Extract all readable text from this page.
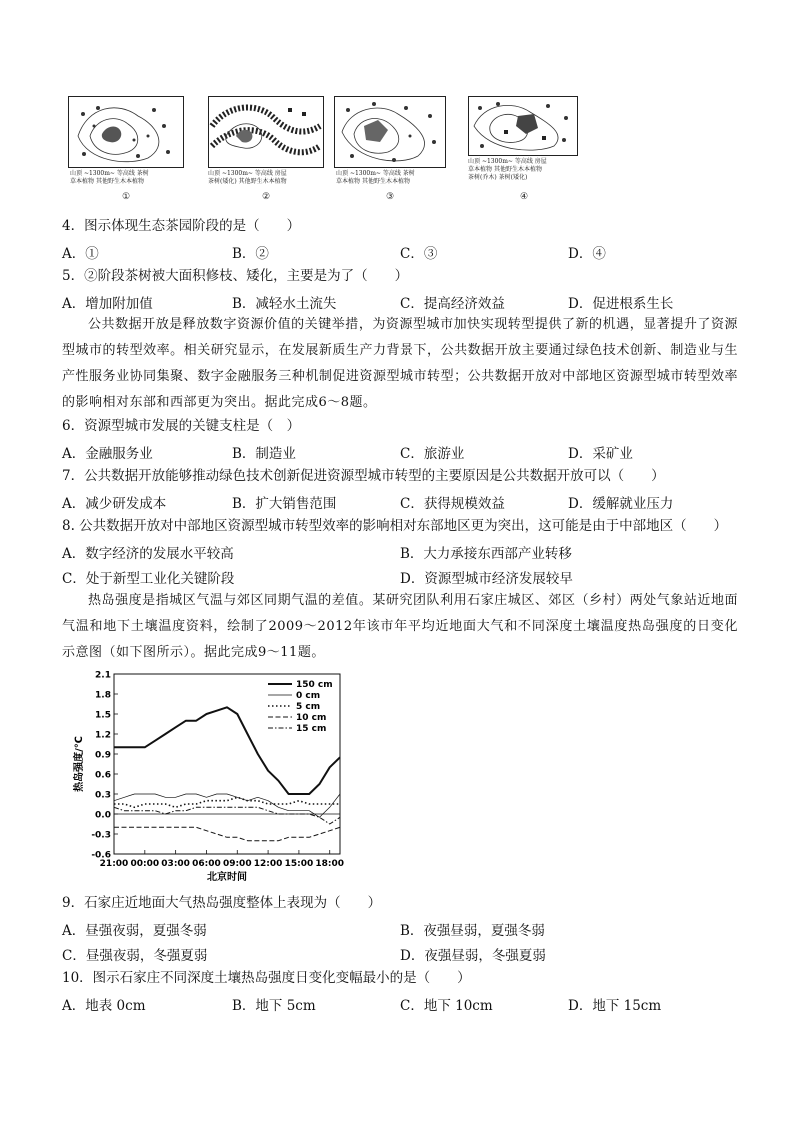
山顶 ~1300m~ 等高线 茶树
草本植物 其他野生木本植物
①
山顶 ~1300m~ 等高线 房屋
茶树(矮化) 其他野生木本植物
②
山顶 ~1300m~ 等高线 茶树
草本植物 其他野生木本植物
③
山顶 ~1300m~ 等高线 房屋
草本植物 其他野生木本植物
茶树(乔木) 茶树(矮化)
④
4．图示体现生态茶园阶段的是（　　）
A．①	B．②	C．③	D．④
5．②阶段茶树被大面积修枝、矮化，主要是为了（　　）
A．增加附加值	B．减轻水土流失	C．提高经济效益	D．促进根系生长
公共数据开放是释放数字资源价值的关键举措，为资源型城市加快实现转型提供了新的机遇，显著提升了资源型城市的转型效率。相关研究显示，在发展新质生产力背景下，公共数据开放主要通过绿色技术创新、制造业与生产性服务业协同集聚、数字金融服务三种机制促进资源型城市转型；公共数据开放对中部地区资源型城市转型效率的影响相对东部和西部更为突出。据此完成6～8题。
6．资源型城市发展的关键支柱是（　）
A．金融服务业	B．制造业	C．旅游业	D．采矿业
7．公共数据开放能够推动绿色技术创新促进资源型城市转型的主要原因是公共数据开放可以（　　）
A．减少研发成本	B．扩大销售范围	C．获得规模效益	D．缓解就业压力
8. 公共数据开放对中部地区资源型城市转型效率的影响相对东部地区更为突出，这可能是由于中部地区（　　）
A．数字经济的发展水平较高	B．大力承接东西部产业转移
C．处于新型工业化关键阶段	D．资源型城市经济发展较早
热岛强度是指城区气温与郊区同期气温的差值。某研究团队利用石家庄城区、郊区（乡村）两处气象站近地面气温和地下土壤温度资料，绘制了2009～2012年该市年平均近地面大气和不同深度土壤温度热岛强度的日变化示意图（如下图所示）。据此完成9～11题。
-0.6
-0.3
0.0
0.3
0.6
0.9
1.2
1.5
1.8
2.1
21:00 00:00 03:00 06:00 09:00 12:00 15:00 18:00
150 cm
0 cm
5 cm
10 cm
15 cm
热岛强度/℃
北京时间
9．石家庄近地面大气热岛强度整体上表现为（　　）
A．昼强夜弱，夏强冬弱	B．夜强昼弱，夏强冬弱
C．昼强夜弱，冬强夏弱	D．夜强昼弱，冬强夏弱
10．图示石家庄不同深度土壤热岛强度日变化变幅最小的是（　　）
A．地表 0cm	B．地下 5cm	C．地下 10cm	D．地下 15cm
